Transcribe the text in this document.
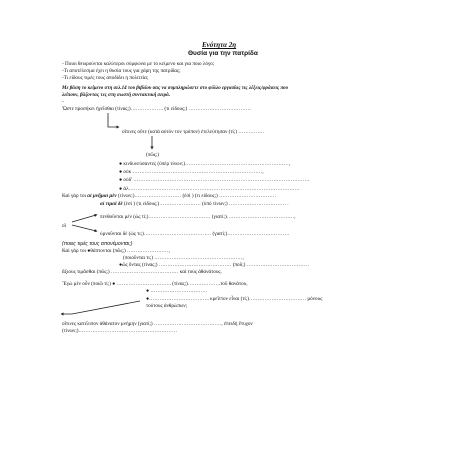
Ενότητα 2η
Θυσία για την πατρίδα
- Ποιοι θεωρούνται καλύτεροι σύμφωνα με το κείμενο και για ποιο λόγο;
-Τι αποτέλεσμα έχει η θυσία τους για χάρη της πατρίδας;
-Τι είδους τιμές τους αποδίδει η πολιτεία;
Με βάση το κείμενο στη σελ.14 του βιβλίου σας να συμπληρώσετε στο φύλλο εργασίας τις λέξεις/φράσεις που
λείπουν, βάζοντας τες στη σωστή συντακτική σειρά.
-
Ὥστε προσήκει ἡγεῖσθαι (τίνας;)………………. (τι είδους;) ………………………………
οἵτινες οὔτε (κατὰ αὐτόν τον τρόπον) ἐτελεύτησαν (τί;) ……………
(πῶς;)
● κινδυνεύσαντες (ὑπὲρ τίνων;)……………………………………………………,
● οὐκ …………………………………………………………………,
● οὐδ' …………………………………………………………………………………………
● ἀλ………………………………………………………………………………………
Καὶ γὰρ τοι αἱ μνῆμαι μὲν (τίνων;)……………………… (ἐσὶ ) (τι είδους;) ……………………………
αἱ τιμαὶ δὲ (ἐσὶ ) (τι είδους;)…………………… (ὑπὸ τίνων;) …………………………… .
πενθοῦνται μὲν (ὡς τί;)……………………………… (γιατί;)…………………………………,
οἳ
ὑμνοῦνται δὲ (ὡς τι;)………………………………… (γιατί;)………………………………
(ποιες τιμές τους απονέμονται;)
Καὶ γὰρ τοι ●θάπτονται (πῶς;) ……………………,
(ποιοῦνται τι;) ……………………………………………,
●ὥς ὄντας (τίνας;) …………………………………… (ποῦ;) ………………………………
ἄξιους τιμᾶσθαι (πῶς;) ………………………………… καὶ τοὺς ἀθανάτους.
Ἔγὼ μὲν οὖν (ποιῶ τί;) ● ………………………….. (τίνας;)……………….τοῦ θανάτου,
● ……………………………
●…………………………….. κρεῖττον εἶναι (τί;)…………………………… μόνους
τούτους ἀνθρώπων;
οἵτινες κατέλιπον ἀθάνατον μνήμην (γιατί;) …………………………………, ἐπειδὴ ἔτυχον
(τίνων;)…………………………………………………
